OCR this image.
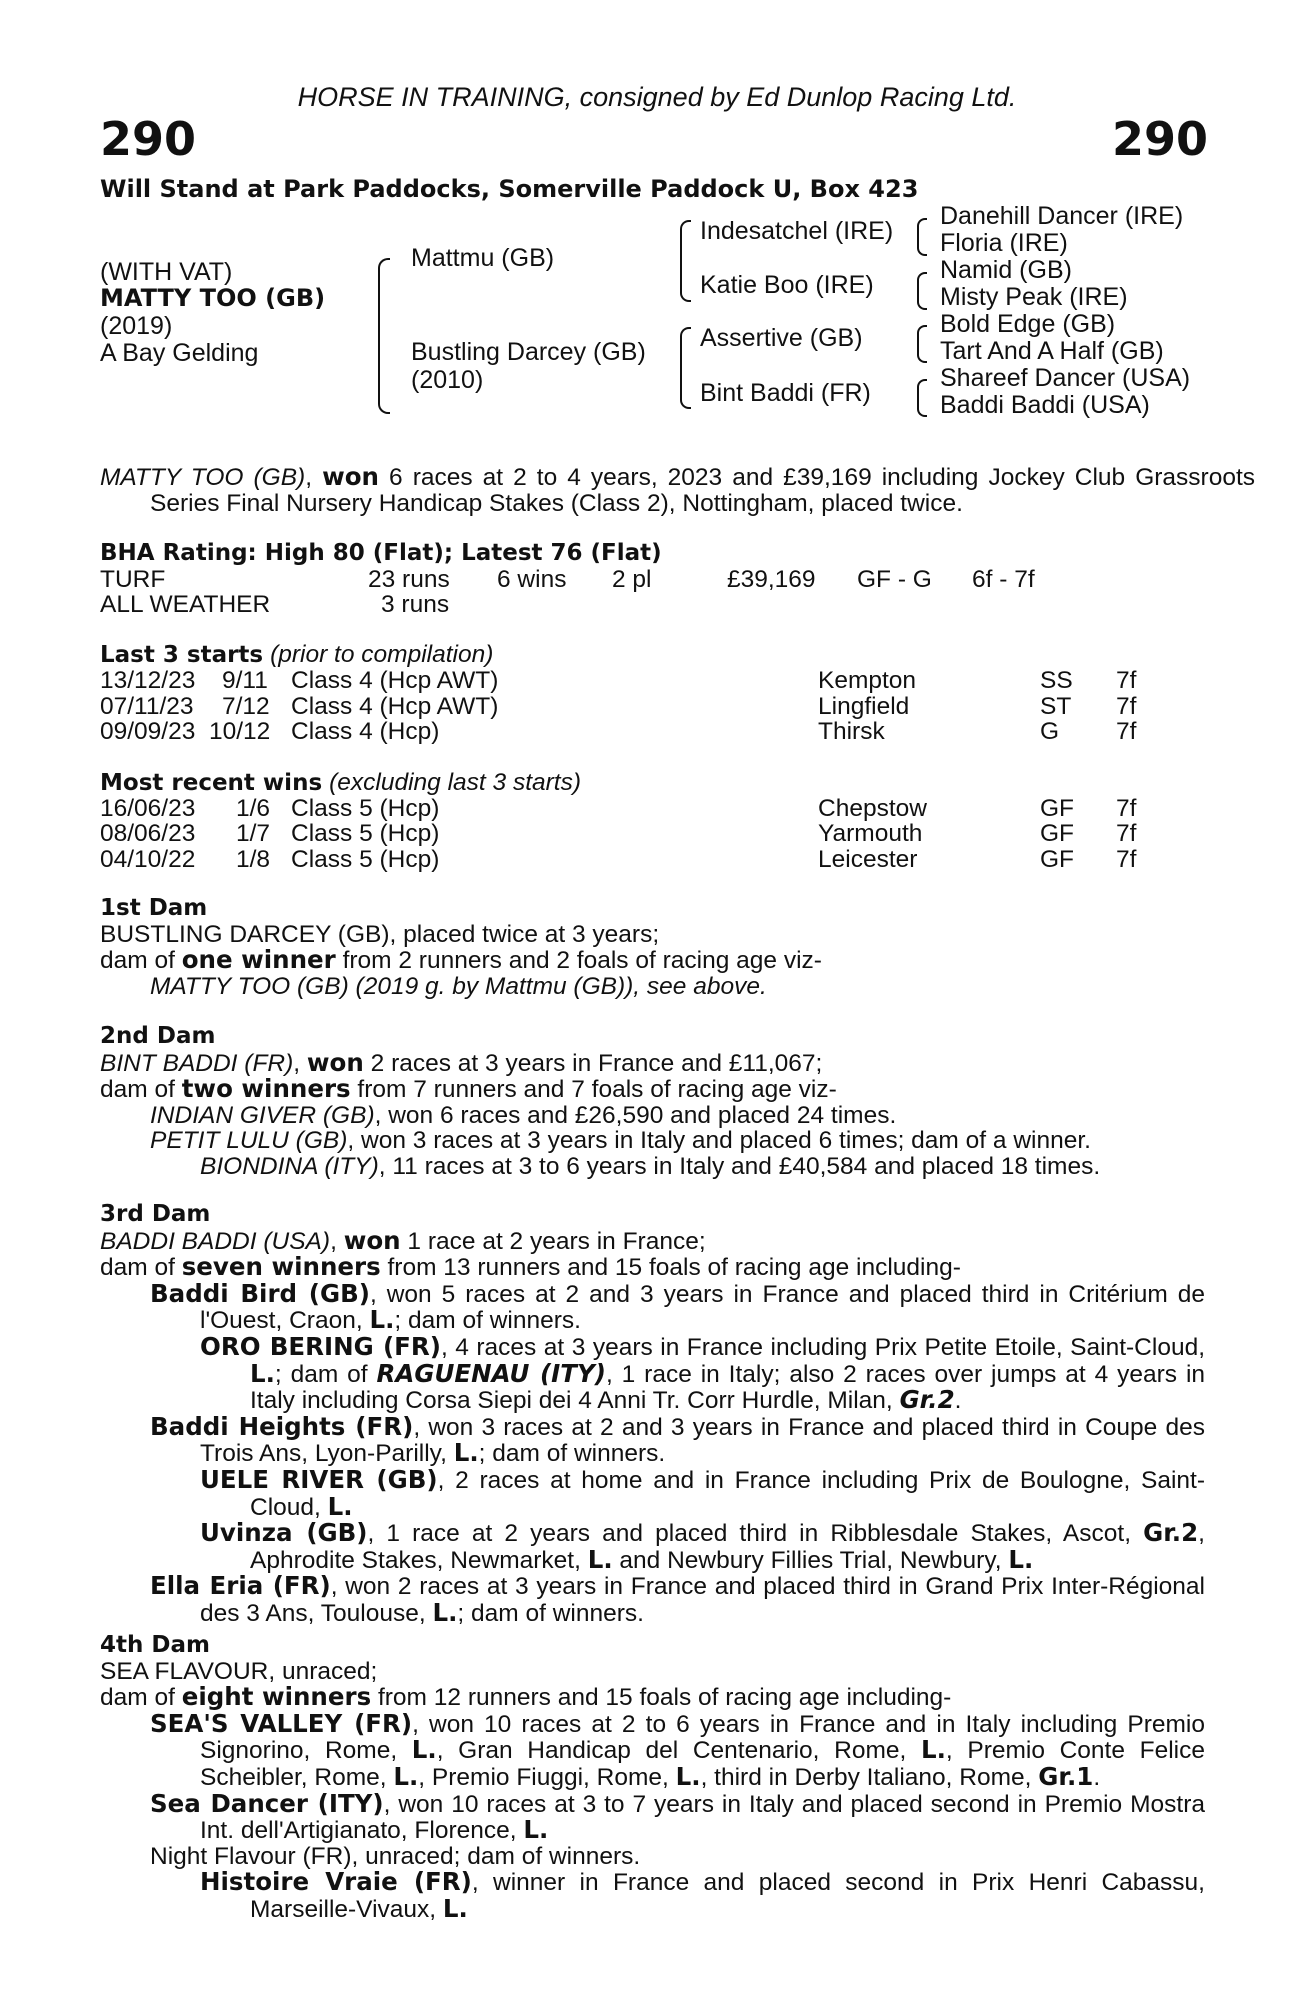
HORSE IN TRAINING, consigned by Ed Dunlop Racing Ltd.
290	290
Will Stand at Park Paddocks, Somerville Paddock U, Box 423
(WITH VAT)
MATTY TOO (GB)
(2019)
A Bay Gelding
Mattmu (GB)
Bustling Darcey (GB)
(2010)
Indesatchel (IRE)
Katie Boo (IRE)
Assertive (GB)
Bint Baddi (FR)
Danehill Dancer (IRE)
Floria (IRE)
Namid (GB)
Misty Peak (IRE)
Bold Edge (GB)
Tart And A Half (GB)
Shareef Dancer (USA)
Baddi Baddi (USA)
MATTY TOO (GB), won 6 races at 2 to 4 years, 2023 and £39,169 including Jockey Club Grassroots Series Final Nursery Handicap Stakes (Class 2), Nottingham, placed twice.
BHA Rating: High 80 (Flat); Latest 76 (Flat)
TURF	23 runs 6 wins 2 pl	£39,169 GF - G 6f - 7f
ALL WEATHER	3 runs
Last 3 starts (prior to compilation)
13/12/23 9/11 Class 4 (Hcp AWT)	Kempton	SS 7f
07/11/23 7/12 Class 4 (Hcp AWT)	Lingfield	ST 7f
09/09/23 10/12 Class 4 (Hcp)	Thirsk	G 7f
Most recent wins (excluding last 3 starts)
16/06/23 1/6 Class 5 (Hcp)	Chepstow	GF 7f
08/06/23 1/7 Class 5 (Hcp)	Yarmouth	GF 7f
04/10/22 1/8 Class 5 (Hcp)	Leicester	GF 7f

1st Dam

BUSTLING DARCEY (GB), placed twice at 3 years;

dam of one winner from 2 runners and 2 foals of racing age viz-

MATTY TOO (GB) (2019 g. by Mattmu (GB)), see above.

2nd Dam

BINT BADDI (FR), won 2 races at 3 years in France and £11,067;

dam of two winners from 7 runners and 7 foals of racing age viz-

INDIAN GIVER (GB), won 6 races and £26,590 and placed 24 times.

PETIT LULU (GB), won 3 races at 3 years in Italy and placed 6 times; dam of a winner.

BIONDINA (ITY), 11 races at 3 to 6 years in Italy and £40,584 and placed 18 times.

3rd Dam

BADDI BADDI (USA), won 1 race at 2 years in France;

dam of seven winners from 13 runners and 15 foals of racing age including-

Baddi Bird (GB), won 5 races at 2 and 3 years in France and placed third in Critérium de l'Ouest, Craon, L.; dam of winners.

ORO BERING (FR), 4 races at 3 years in France including Prix Petite Etoile, Saint-Cloud, L.; dam of RAGUENAU (ITY), 1 race in Italy; also 2 races over jumps at 4 years in Italy including Corsa Siepi dei 4 Anni Tr. Corr Hurdle, Milan, Gr.2.

Baddi Heights (FR), won 3 races at 2 and 3 years in France and placed third in Coupe des Trois Ans, Lyon-Parilly, L.; dam of winners.

UELE RIVER (GB), 2 races at home and in France including Prix de Boulogne, Saint-Cloud, L.

Uvinza (GB), 1 race at 2 years and placed third in Ribblesdale Stakes, Ascot, Gr.2, Aphrodite Stakes, Newmarket, L. and Newbury Fillies Trial, Newbury, L.

Ella Eria (FR), won 2 races at 3 years in France and placed third in Grand Prix Inter-Régional des 3 Ans, Toulouse, L.; dam of winners.

4th Dam

SEA FLAVOUR, unraced;

dam of eight winners from 12 runners and 15 foals of racing age including-

SEA'S VALLEY (FR), won 10 races at 2 to 6 years in France and in Italy including Premio Signorino, Rome, L., Gran Handicap del Centenario, Rome, L., Premio Conte Felice Scheibler, Rome, L., Premio Fiuggi, Rome, L., third in Derby Italiano, Rome, Gr.1.

Sea Dancer (ITY), won 10 races at 3 to 7 years in Italy and placed second in Premio Mostra Int. dell'Artigianato, Florence, L.

Night Flavour (FR), unraced; dam of winners.

Histoire Vraie (FR), winner in France and placed second in Prix Henri Cabassu, Marseille-Vivaux, L.
